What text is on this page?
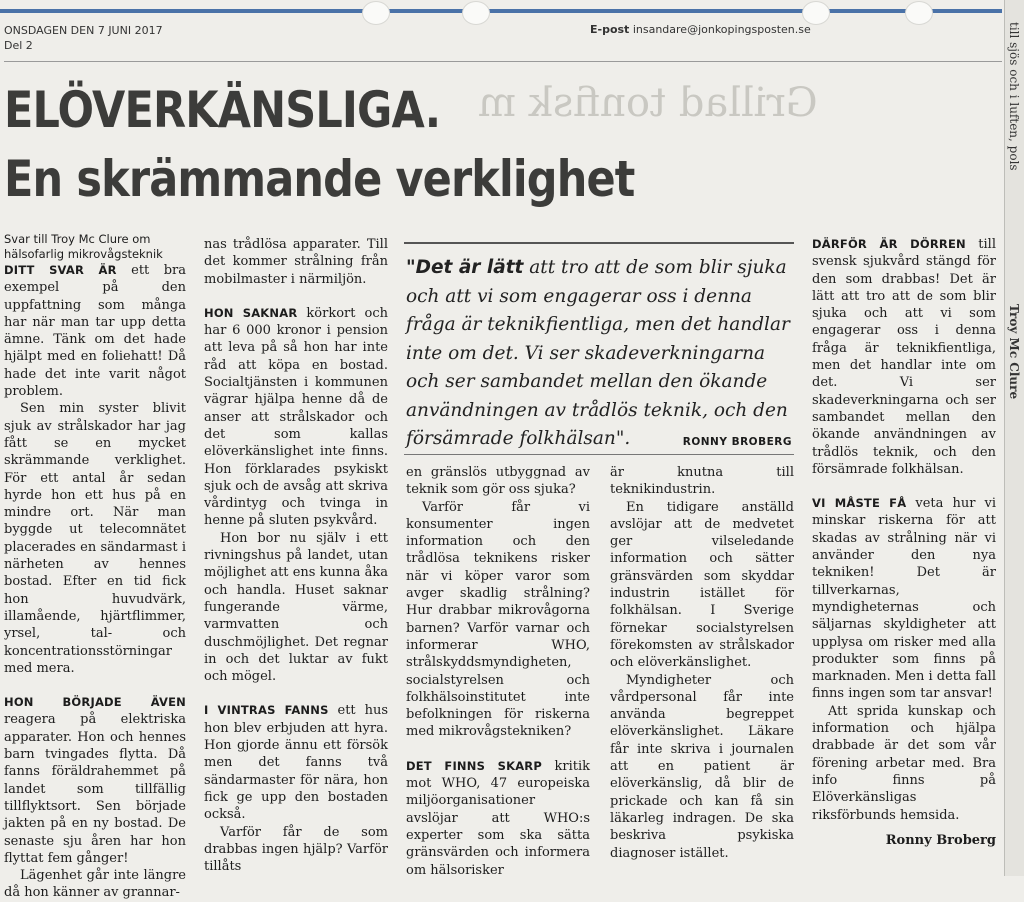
ONSDAGEN DEN 7 JUNI 2017
Del 2
E-post insandare@jonkopingsposten.se
Grillad tonfisk m
ELÖVERKÄNSLIGA.
En skrämmande verklighet

Svar till Troy Mc Clure om hälsofarlig mikrovågsteknik

DITT SVAR ÄR ett bra exempel på den uppfattning som många har när man tar upp detta ämne. Tänk om det hade hjälpt med en foliehatt! Då hade det inte varit något problem.

Sen min syster blivit sjuk av strålskador har jag fått se en mycket skrämmande verklighet. För ett antal år sedan hyrde hon ett hus på en mindre ort. När man byggde ut telecomnätet placerades en sändarmast i närheten av hennes bostad. Efter en tid fick hon huvudvärk, illamående, hjärtflimmer, yrsel, tal- och koncentrationsstörningar med mera.

HON BÖRJADE ÄVEN reagera på elektriska apparater. Hon och hennes barn tvingades flytta. Då fanns föräldrahemmet på landet som tillfällig tillflyktsort. Sen började jakten på en ny bostad. De senaste sju åren har hon flyttat fem gånger!

Lägenhet går inte längre då hon känner av grannar-

nas trådlösa apparater. Till det kommer strålning från mobilmaster i närmiljön.

HON SAKNAR körkort och har 6 000 kronor i pension att leva på så hon har inte råd att köpa en bostad. Socialtjänsten i kommunen vägrar hjälpa henne då de anser att strålskador och det som kallas elöverkänslighet inte finns. Hon förklarades psykiskt sjuk och de avsåg att skriva vårdintyg och tvinga in henne på sluten psykvård.

Hon bor nu själv i ett rivningshus på landet, utan möjlighet att ens kunna åka och handla. Huset saknar fungerande värme, varmvatten och duschmöjlighet. Det regnar in och det luktar av fukt och mögel.

I VINTRAS FANNS ett hus hon blev erbjuden att hyra. Hon gjorde ännu ett försök men det fanns två sändarmaster för nära, hon fick ge upp den bostaden också.

Varför får de som drabbas ingen hjälp? Varför tillåts

"Det är lätt att tro att de som blir sjuka och att vi som engagerar oss i denna fråga är teknikfientliga, men det handlar inte om det. Vi ser skadeverkningarna och ser sambandet mellan den ökande användningen av trådlös teknik, och den försämrade folkhälsan".	RONNY BROBERG

en gränslös utbyggnad av teknik som gör oss sjuka?

Varför får vi konsumenter ingen information och den trådlösa teknikens risker när vi köper varor som avger skadlig strålning? Hur drabbar mikrovågorna barnen? Varför varnar och informerar WHO, strålskyddsmyndigheten, socialstyrelsen och folkhälsoinstitutet inte befolkningen för riskerna med mikrovågstekniken?

DET FINNS SKARP kritik mot WHO, 47 europeiska miljöorganisationer avslöjar att WHO:s experter som ska sätta gränsvärden och informera om hälsorisker

är knutna till teknikindustrin.

En tidigare anställd avslöjar att de medvetet ger vilseledande information och sätter gränsvärden som skyddar industrin istället för folkhälsan. I Sverige förnekar socialstyrelsen förekomsten av strålskador och elöverkänslighet.

Myndigheter och vårdpersonal får inte använda begreppet elöverkänslighet. Läkare får inte skriva i journalen att en patient är elöverkänslig, då blir de prickade och kan få sin läkarleg indragen. De ska beskriva psykiska diagnoser istället.

DÄRFÖR ÄR DÖRREN till svensk sjukvård stängd för den som drabbas! Det är lätt att tro att de som blir sjuka och att vi som engagerar oss i denna fråga är teknikfientliga, men det handlar inte om det. Vi ser skadeverkningarna och ser sambandet mellan den ökande användningen av trådlös teknik, och den försämrade folkhälsan.

VI MÅSTE FÅ veta hur vi minskar riskerna för att skadas av strålning när vi använder den nya tekniken! Det är tillverkarnas, myndigheternas och säljarnas skyldigheter att upplysa om risker med alla produkter som finns på marknaden. Men i detta fall finns ingen som tar ansvar!

Att sprida kunskap och information och hjälpa drabbade är det som vår förening arbetar med. Bra info finns på Elöverkänsligas riksförbunds hemsida.

Ronny Broberg

till sjös och i luften, pols
Troy Mc Clure
